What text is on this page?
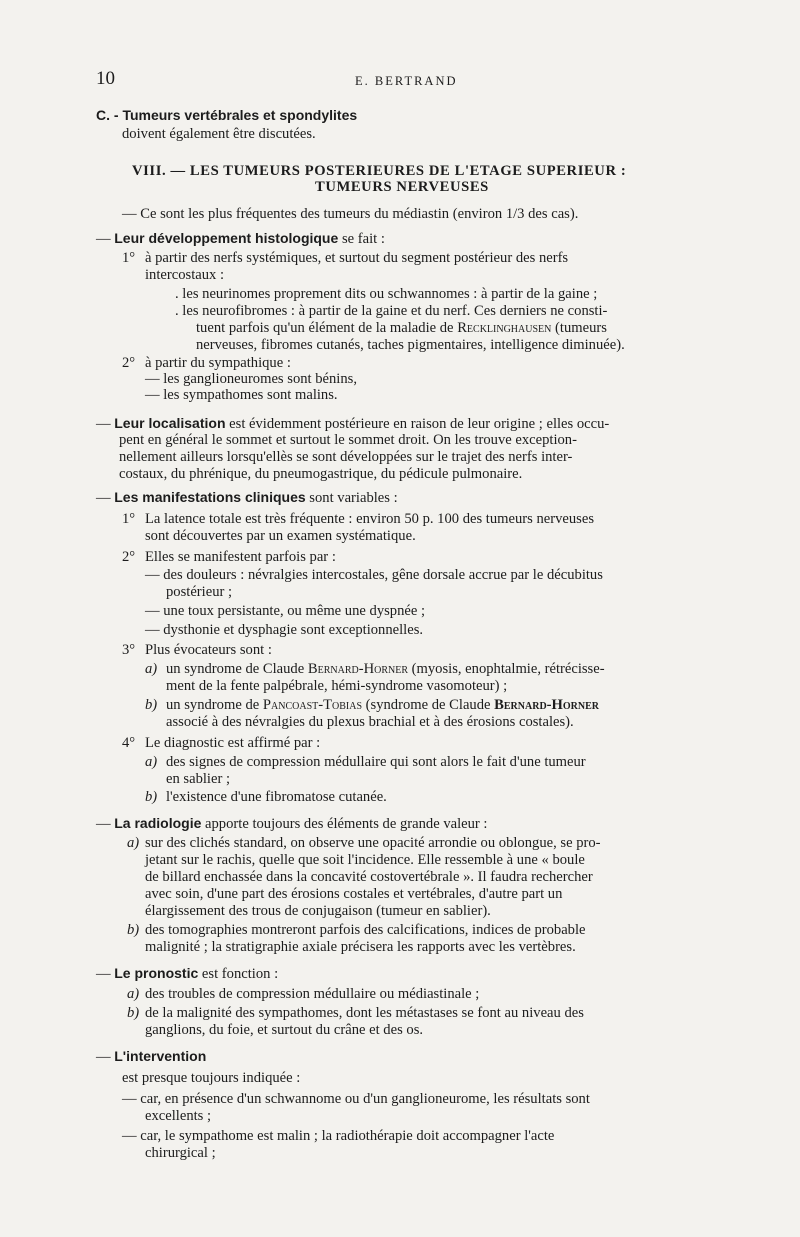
10	E. BERTRAND
C. - Tumeurs vertébrales et spondylites
doivent également être discutées.
VIII. — LES TUMEURS POSTERIEURES DE L'ETAGE SUPERIEUR :
TUMEURS NERVEUSES
— Ce sont les plus fréquentes des tumeurs du médiastin (environ 1/3 des cas).
— Leur développement histologique se fait :
1° à partir des nerfs systémiques, et surtout du segment postérieur des nerfs
intercostaux :
. les neurinomes proprement dits ou schwannomes : à partir de la gaine ;
. les neurofibromes : à partir de la gaine et du nerf. Ces derniers ne consti-
tuent parfois qu'un élément de la maladie de Recklinghausen (tumeurs
nerveuses, fibromes cutanés, taches pigmentaires, intelligence diminuée).
2° à partir du sympathique :
— les ganglioneuromes sont bénins,
— les sympathomes sont malins.
— Leur localisation est évidemment postérieure en raison de leur origine ; elles occu-
pent en général le sommet et surtout le sommet droit. On les trouve exception-
nellement ailleurs lorsqu'ellès se sont développées sur le trajet des nerfs inter-
costaux, du phrénique, du pneumogastrique, du pédicule pulmonaire.
— Les manifestations cliniques sont variables :
1° La latence totale est très fréquente : environ 50 p. 100 des tumeurs nerveuses
sont découvertes par un examen systématique.
2° Elles se manifestent parfois par :
— des douleurs : névralgies intercostales, gêne dorsale accrue par le décubitus
postérieur ;
— une toux persistante, ou même une dyspnée ;
— dysthonie et dysphagie sont exceptionnelles.
3° Plus évocateurs sont :
a) un syndrome de Claude Bernard-Horner (myosis, enophtalmie, rétrécisse-
ment de la fente palpébrale, hémi-syndrome vasomoteur) ;
b) un syndrome de Pancoast-Tobias (syndrome de Claude Bernard-Horner
associé à des névralgies du plexus brachial et à des érosions costales).
4° Le diagnostic est affirmé par :
a) des signes de compression médullaire qui sont alors le fait d'une tumeur
en sablier ;
b) l'existence d'une fibromatose cutanée.
— La radiologie apporte toujours des éléments de grande valeur :
a) sur des clichés standard, on observe une opacité arrondie ou oblongue, se pro-
jetant sur le rachis, quelle que soit l'incidence. Elle ressemble à une « boule
de billard enchassée dans la concavité costovertébrale ». Il faudra rechercher
avec soin, d'une part des érosions costales et vertébrales, d'autre part un
élargissement des trous de conjugaison (tumeur en sablier).
b) des tomographies montreront parfois des calcifications, indices de probable
malignité ; la stratigraphie axiale précisera les rapports avec les vertèbres.
— Le pronostic est fonction :
a) des troubles de compression médullaire ou médiastinale ;
b) de la malignité des sympathomes, dont les métastases se font au niveau des
ganglions, du foie, et surtout du crâne et des os.
— L'intervention
est presque toujours indiquée :
— car, en présence d'un schwannome ou d'un ganglioneurome, les résultats sont
excellents ;
— car, le sympathome est malin ; la radiothérapie doit accompagner l'acte
chirurgical ;
